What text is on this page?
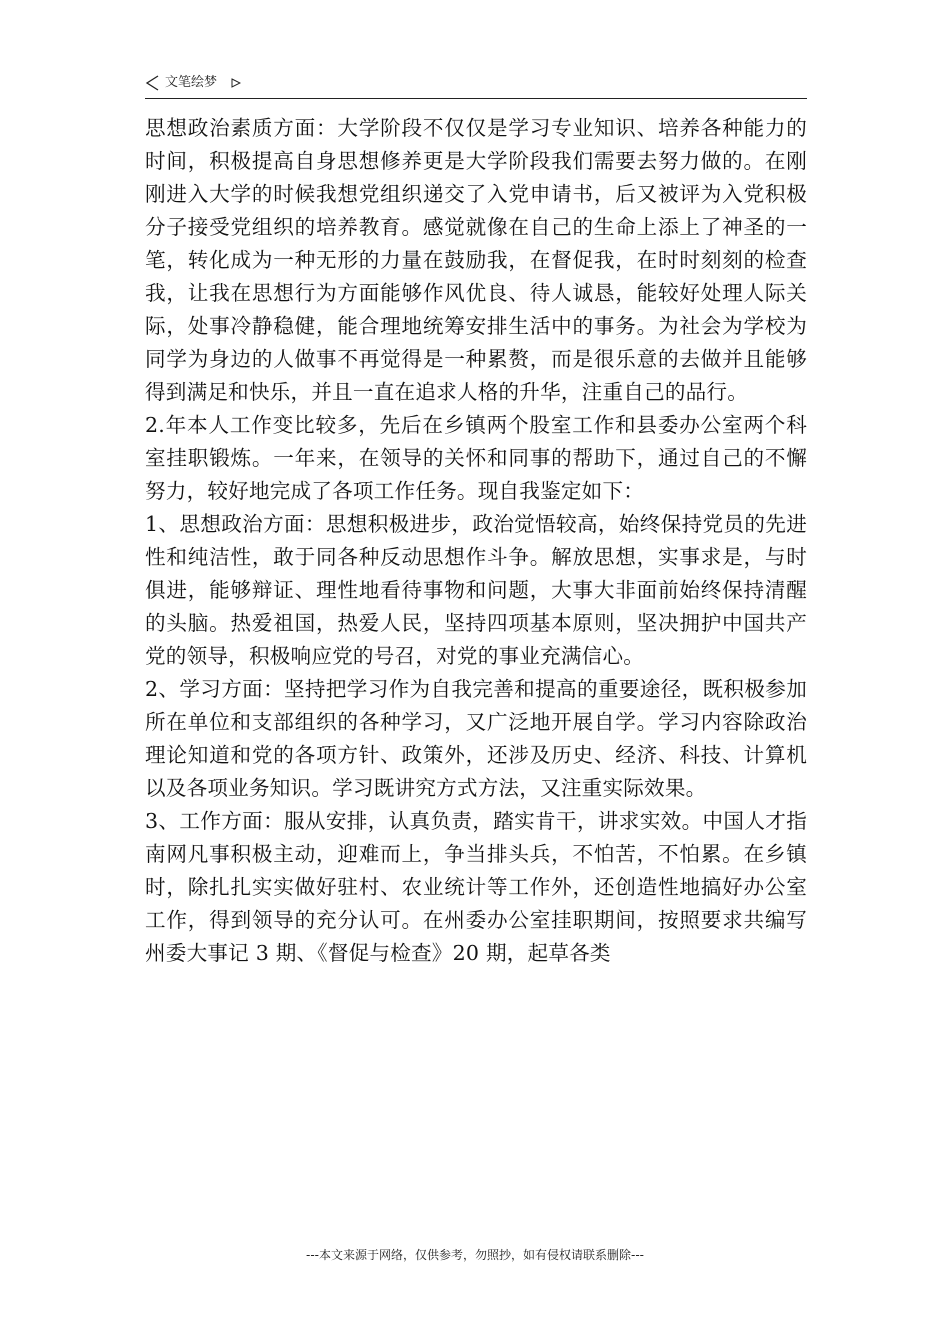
文笔绘梦

思想政治素质方面：大学阶段不仅仅是学习专业知识、培养各种能力的时间，积极提高自身思想修养更是大学阶段我们需要去努力做的。在刚刚进入大学的时候我想党组织递交了入党申请书，后又被评为入党积极分子接受党组织的培养教育。感觉就像在自己的生命上添上了神圣的一笔，转化成为一种无形的力量在鼓励我，在督促我，在时时刻刻的检查我，让我在思想行为方面能够作风优良、待人诚恳，能较好处理人际关际，处事冷静稳健，能合理地统筹安排生活中的事务。为社会为学校为同学为身边的人做事不再觉得是一种累赘，而是很乐意的去做并且能够得到满足和快乐，并且一直在追求人格的升华，注重自己的品行。

2.年本人工作变比较多，先后在乡镇两个股室工作和县委办公室两个科室挂职锻炼。一年来，在领导的关怀和同事的帮助下，通过自己的不懈努力，较好地完成了各项工作任务。现自我鉴定如下：

1、思想政治方面：思想积极进步，政治觉悟较高，始终保持党员的先进性和纯洁性，敢于同各种反动思想作斗争。解放思想，实事求是，与时俱进，能够辩证、理性地看待事物和问题，大事大非面前始终保持清醒的头脑。热爱祖国，热爱人民，坚持四项基本原则，坚决拥护中国共产党的领导，积极响应党的号召，对党的事业充满信心。

2、学习方面：坚持把学习作为自我完善和提高的重要途径，既积极参加所在单位和支部组织的各种学习，又广泛地开展自学。学习内容除政治理论知道和党的各项方针、政策外，还涉及历史、经济、科技、计算机以及各项业务知识。学习既讲究方式方法，又注重实际效果。

3、工作方面：服从安排，认真负责，踏实肯干，讲求实效。中国人才指南网凡事积极主动，迎难而上，争当排头兵，不怕苦，不怕累。在乡镇时，除扎扎实实做好驻村、农业统计等工作外，还创造性地搞好办公室工作，得到领导的充分认可。在州委办公室挂职期间，按照要求共编写州委大事记 3 期、《督促与检查》20 期，起草各类

---本文来源于网络，仅供参考，勿照抄，如有侵权请联系删除---
